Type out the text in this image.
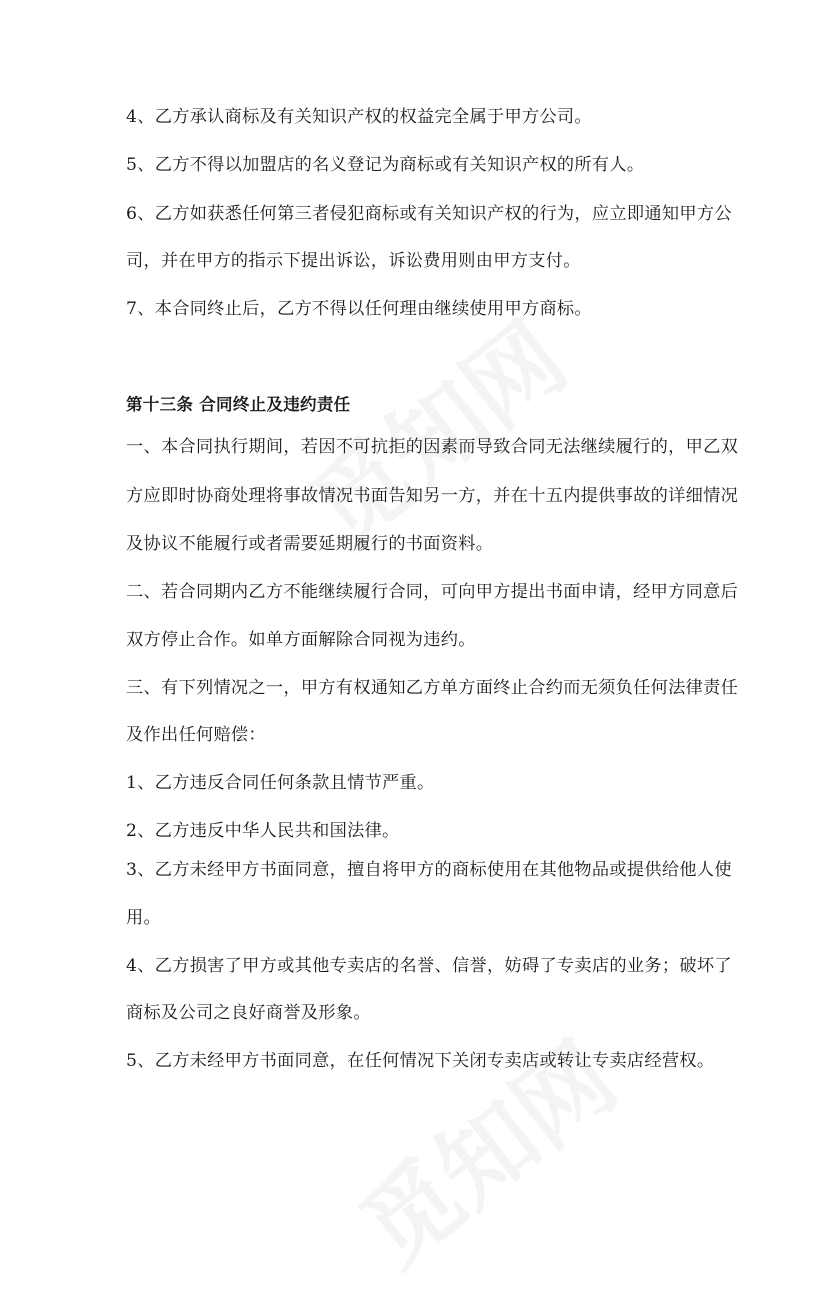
4、乙方承认商标及有关知识产权的权益完全属于甲方公司。
5、乙方不得以加盟店的名义登记为商标或有关知识产权的所有人。
6、乙方如获悉任何第三者侵犯商标或有关知识产权的行为，应立即通知甲方公
司，并在甲方的指示下提出诉讼，诉讼费用则由甲方支付。
7、本合同终止后，乙方不得以任何理由继续使用甲方商标。
第十三条 合同终止及违约责任
一、本合同执行期间，若因不可抗拒的因素而导致合同无法继续履行的，甲乙双
方应即时协商处理将事故情况书面告知另一方，并在十五内提供事故的详细情况
及协议不能履行或者需要延期履行的书面资料。
二、若合同期内乙方不能继续履行合同，可向甲方提出书面申请，经甲方同意后
双方停止合作。如单方面解除合同视为违约。
三、有下列情况之一，甲方有权通知乙方单方面终止合约而无须负任何法律责任
及作出任何赔偿：
1、乙方违反合同任何条款且情节严重。
2、乙方违反中华人民共和国法律。
3、乙方未经甲方书面同意，擅自将甲方的商标使用在其他物品或提供给他人使
用。
4、乙方损害了甲方或其他专卖店的名誉、信誉，妨碍了专卖店的业务；破坏了
商标及公司之良好商誉及形象。
5、乙方未经甲方书面同意，在任何情况下关闭专卖店或转让专卖店经营权。
